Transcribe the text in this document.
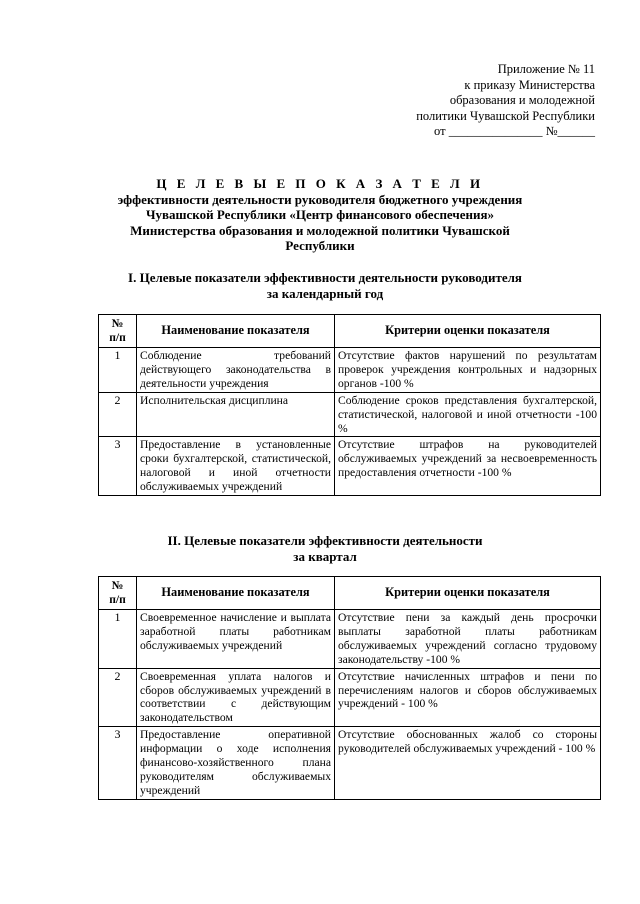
Приложение № 11
к приказу Министерства
образования и молодежной
политики Чувашской Республики
от _______________ №______
Ц Е Л Е В Ы Е П О К А З А Т Е Л И
эффективности деятельности руководителя бюджетного учреждения
Чувашской Республики «Центр финансового обеспечения»
Министерства образования и молодежной политики Чувашской
Республики
I. Целевые показатели эффективности деятельности руководителя
за календарный год
№
п/п	Наименование показателя	Критерии оценки показателя
1	Соблюдение требований действующего законодательства в деятельности учреждения	Отсутствие фактов нарушений по результатам проверок учреждения контрольных и надзорных органов -100 %
2	Исполнительская дисциплина	Соблюдение сроков представления бухгалтерской, статистической, налоговой и иной отчетности -100 %
3	Предоставление в установленные сроки бухгалтерской, статистической, налоговой и иной отчетности обслуживаемых учреждений	Отсутствие штрафов на руководителей обслуживаемых учреждений за несвоевременность предоставления отчетности -100 %
II. Целевые показатели эффективности деятельности
за квартал
№
п/п	Наименование показателя	Критерии оценки показателя
1	Своевременное начисление и выплата заработной платы работникам обслуживаемых учреждений	Отсутствие пени за каждый день просрочки выплаты заработной платы работникам обслуживаемых учреждений согласно трудовому законодательству -100 %
2	Своевременная уплата налогов и сборов обслуживаемых учреждений в соответствии с действующим законодательством	Отсутствие начисленных штрафов и пени по перечислениям налогов и сборов обслуживаемых учреждений - 100 %
3	Предоставление оперативной информации о ходе исполнения финансово-хозяйственного плана руководителям обслуживаемых учреждений	Отсутствие обоснованных жалоб со стороны руководителей обслуживаемых учреждений - 100 %
